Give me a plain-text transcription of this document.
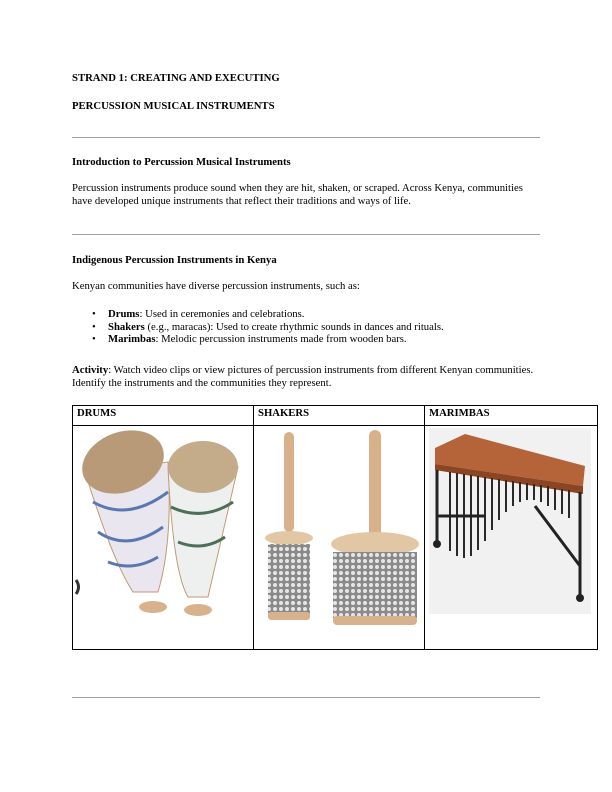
STRAND 1: CREATING AND EXECUTING
PERCUSSION MUSICAL INSTRUMENTS
Introduction to Percussion Musical Instruments

Percussion instruments produce sound when they are hit, shaken, or scraped. Across Kenya, communities have developed unique instruments that reflect their traditions and ways of life.

Indigenous Percussion Instruments in Kenya

Kenyan communities have diverse percussion instruments, such as:

• Drums: Used in ceremonies and celebrations.
• Shakers (e.g., maracas): Used to create rhythmic sounds in dances and rituals.
• Marimbas: Melodic percussion instruments made from wooden bars.

Activity: Watch video clips or view pictures of percussion instruments from different Kenyan communities. Identify the instruments and the communities they represent.

DRUMS	SHAKERS	MARIMBAS
